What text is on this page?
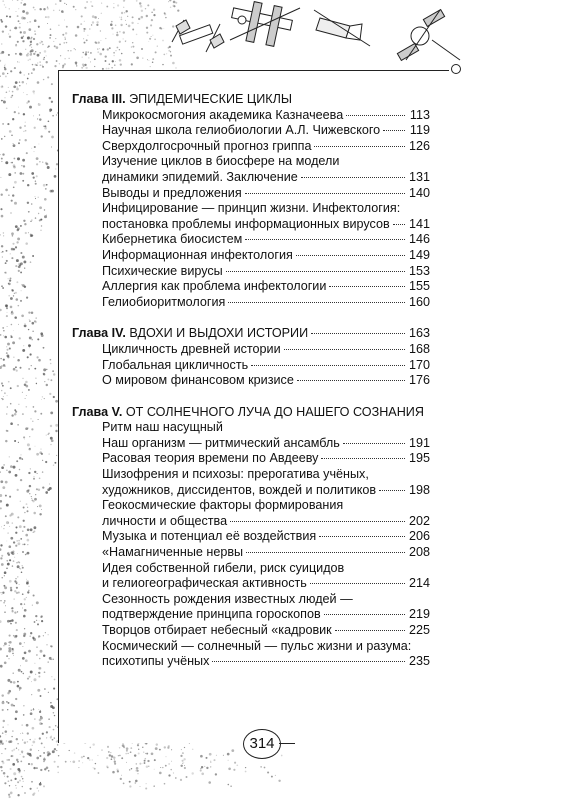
Глава III. ЭПИДЕМИЧЕСКИЕ ЦИКЛЫ
Микрокосмогония академика Казначеева	113
Научная школа гелиобиологии А.Л. Чижевского 119
Сверхдолгосрочный прогноз гриппа	126
Изучение циклов в биосфере на модели
динамики эпидемий. Заключение	131
Выводы и предложения	140
Инфицирование — принцип жизни. Инфектология:
постановка проблемы информационных вирусов 141
Кибернетика биосистем	146
Информационная инфектология	149
Психические вирусы	153
Аллергия как проблема инфектологии	155
Гелиобиоритмология	160
Глава IV. ВДОХИ И ВЫДОХИ ИСТОРИИ	163
Цикличность древней истории	168
Глобальная цикличность	170
О мировом финансовом кризисе	176
Глава V. ОТ СОЛНЕЧНОГО ЛУЧА ДО НАШЕГО СОЗНАНИЯ
Ритм наш насущный
Наш организм — ритмический ансамбль	191
Расовая теория времени по Авдееву	195
Шизофрения и психозы: прерогатива учёных,
художников, диссидентов, вождей и политиков	198
Геокосмические факторы формирования
личности и общества	202
Музыка и потенциал её воздействия	206
«Намагниченные нервы	208
Идея собственной гибели, риск суицидов
и гелиогеографическая активность	214
Сезонность рождения известных людей —
подтверждение принципа гороскопов	219
Творцов отбирает небесный «кадровик	225
Космический — солнечный — пульс жизни и разума:
психотипы учёных	235
314
